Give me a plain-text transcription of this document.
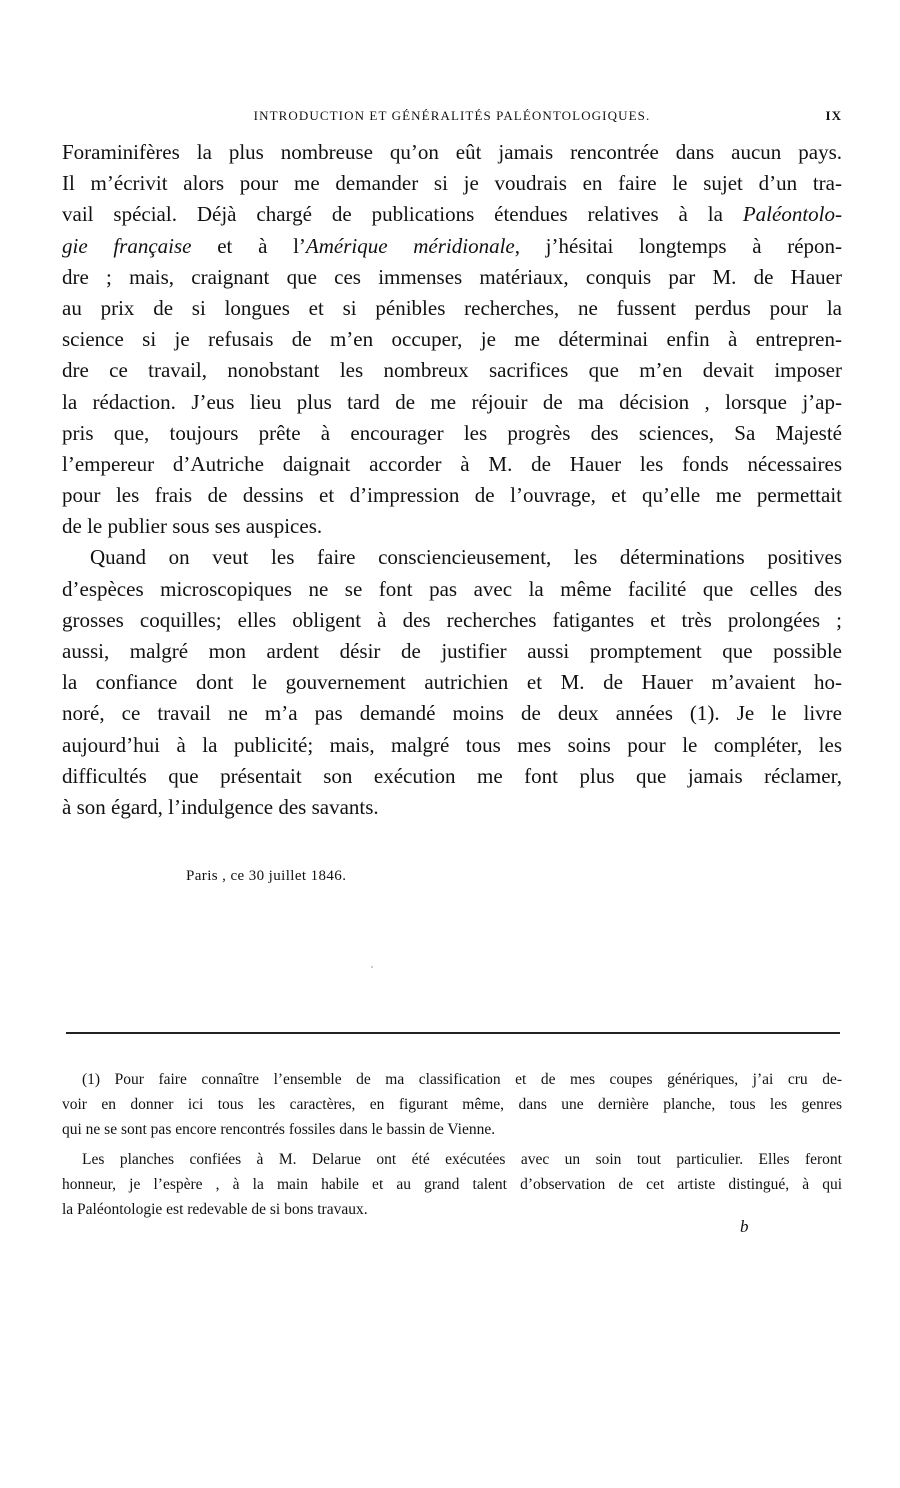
INTRODUCTION ET GÉNÉRALITÉS PALÉONTOLOGIQUES.	IX
Foraminifères la plus nombreuse qu’on eût jamais rencontrée dans aucun pays.
Il m’écrivit alors pour me demander si je voudrais en faire le sujet d’un tra-
vail spécial. Déjà chargé de publications étendues relatives à la Paléontolo-
gie française et à l’Amérique méridionale, j’hésitai longtemps à répon-
dre ; mais, craignant que ces immenses matériaux, conquis par M. de Hauer
au prix de si longues et si pénibles recherches, ne fussent perdus pour la
science si je refusais de m’en occuper, je me déterminai enfin à entrepren-
dre ce travail, nonobstant les nombreux sacrifices que m’en devait imposer
la rédaction. J’eus lieu plus tard de me réjouir de ma décision , lorsque j’ap-
pris que, toujours prête à encourager les progrès des sciences, Sa Majesté
l’empereur d’Autriche daignait accorder à M. de Hauer les fonds nécessaires
pour les frais de dessins et d’impression de l’ouvrage, et qu’elle me permettait
de le publier sous ses auspices.
Quand on veut les faire consciencieusement, les déterminations positives
d’espèces microscopiques ne se font pas avec la même facilité que celles des
grosses coquilles; elles obligent à des recherches fatigantes et très prolongées ;
aussi, malgré mon ardent désir de justifier aussi promptement que possible
la confiance dont le gouvernement autrichien et M. de Hauer m’avaient ho-
noré, ce travail ne m’a pas demandé moins de deux années (1). Je le livre
aujourd’hui à la publicité; mais, malgré tous mes soins pour le compléter, les
difficultés que présentait son exécution me font plus que jamais réclamer,
à son égard, l’indulgence des savants.
Paris , ce 30 juillet 1846.
(1) Pour faire connaître l’ensemble de ma classification et de mes coupes génériques, j’ai cru de-
voir en donner ici tous les caractères, en figurant même, dans une dernière planche, tous les genres
qui ne se sont pas encore rencontrés fossiles dans le bassin de Vienne.
Les planches confiées à M. Delarue ont été exécutées avec un soin tout particulier. Elles feront
honneur, je l’espère , à la main habile et au grand talent d’observation de cet artiste distingué, à qui
la Paléontologie est redevable de si bons travaux.
b
